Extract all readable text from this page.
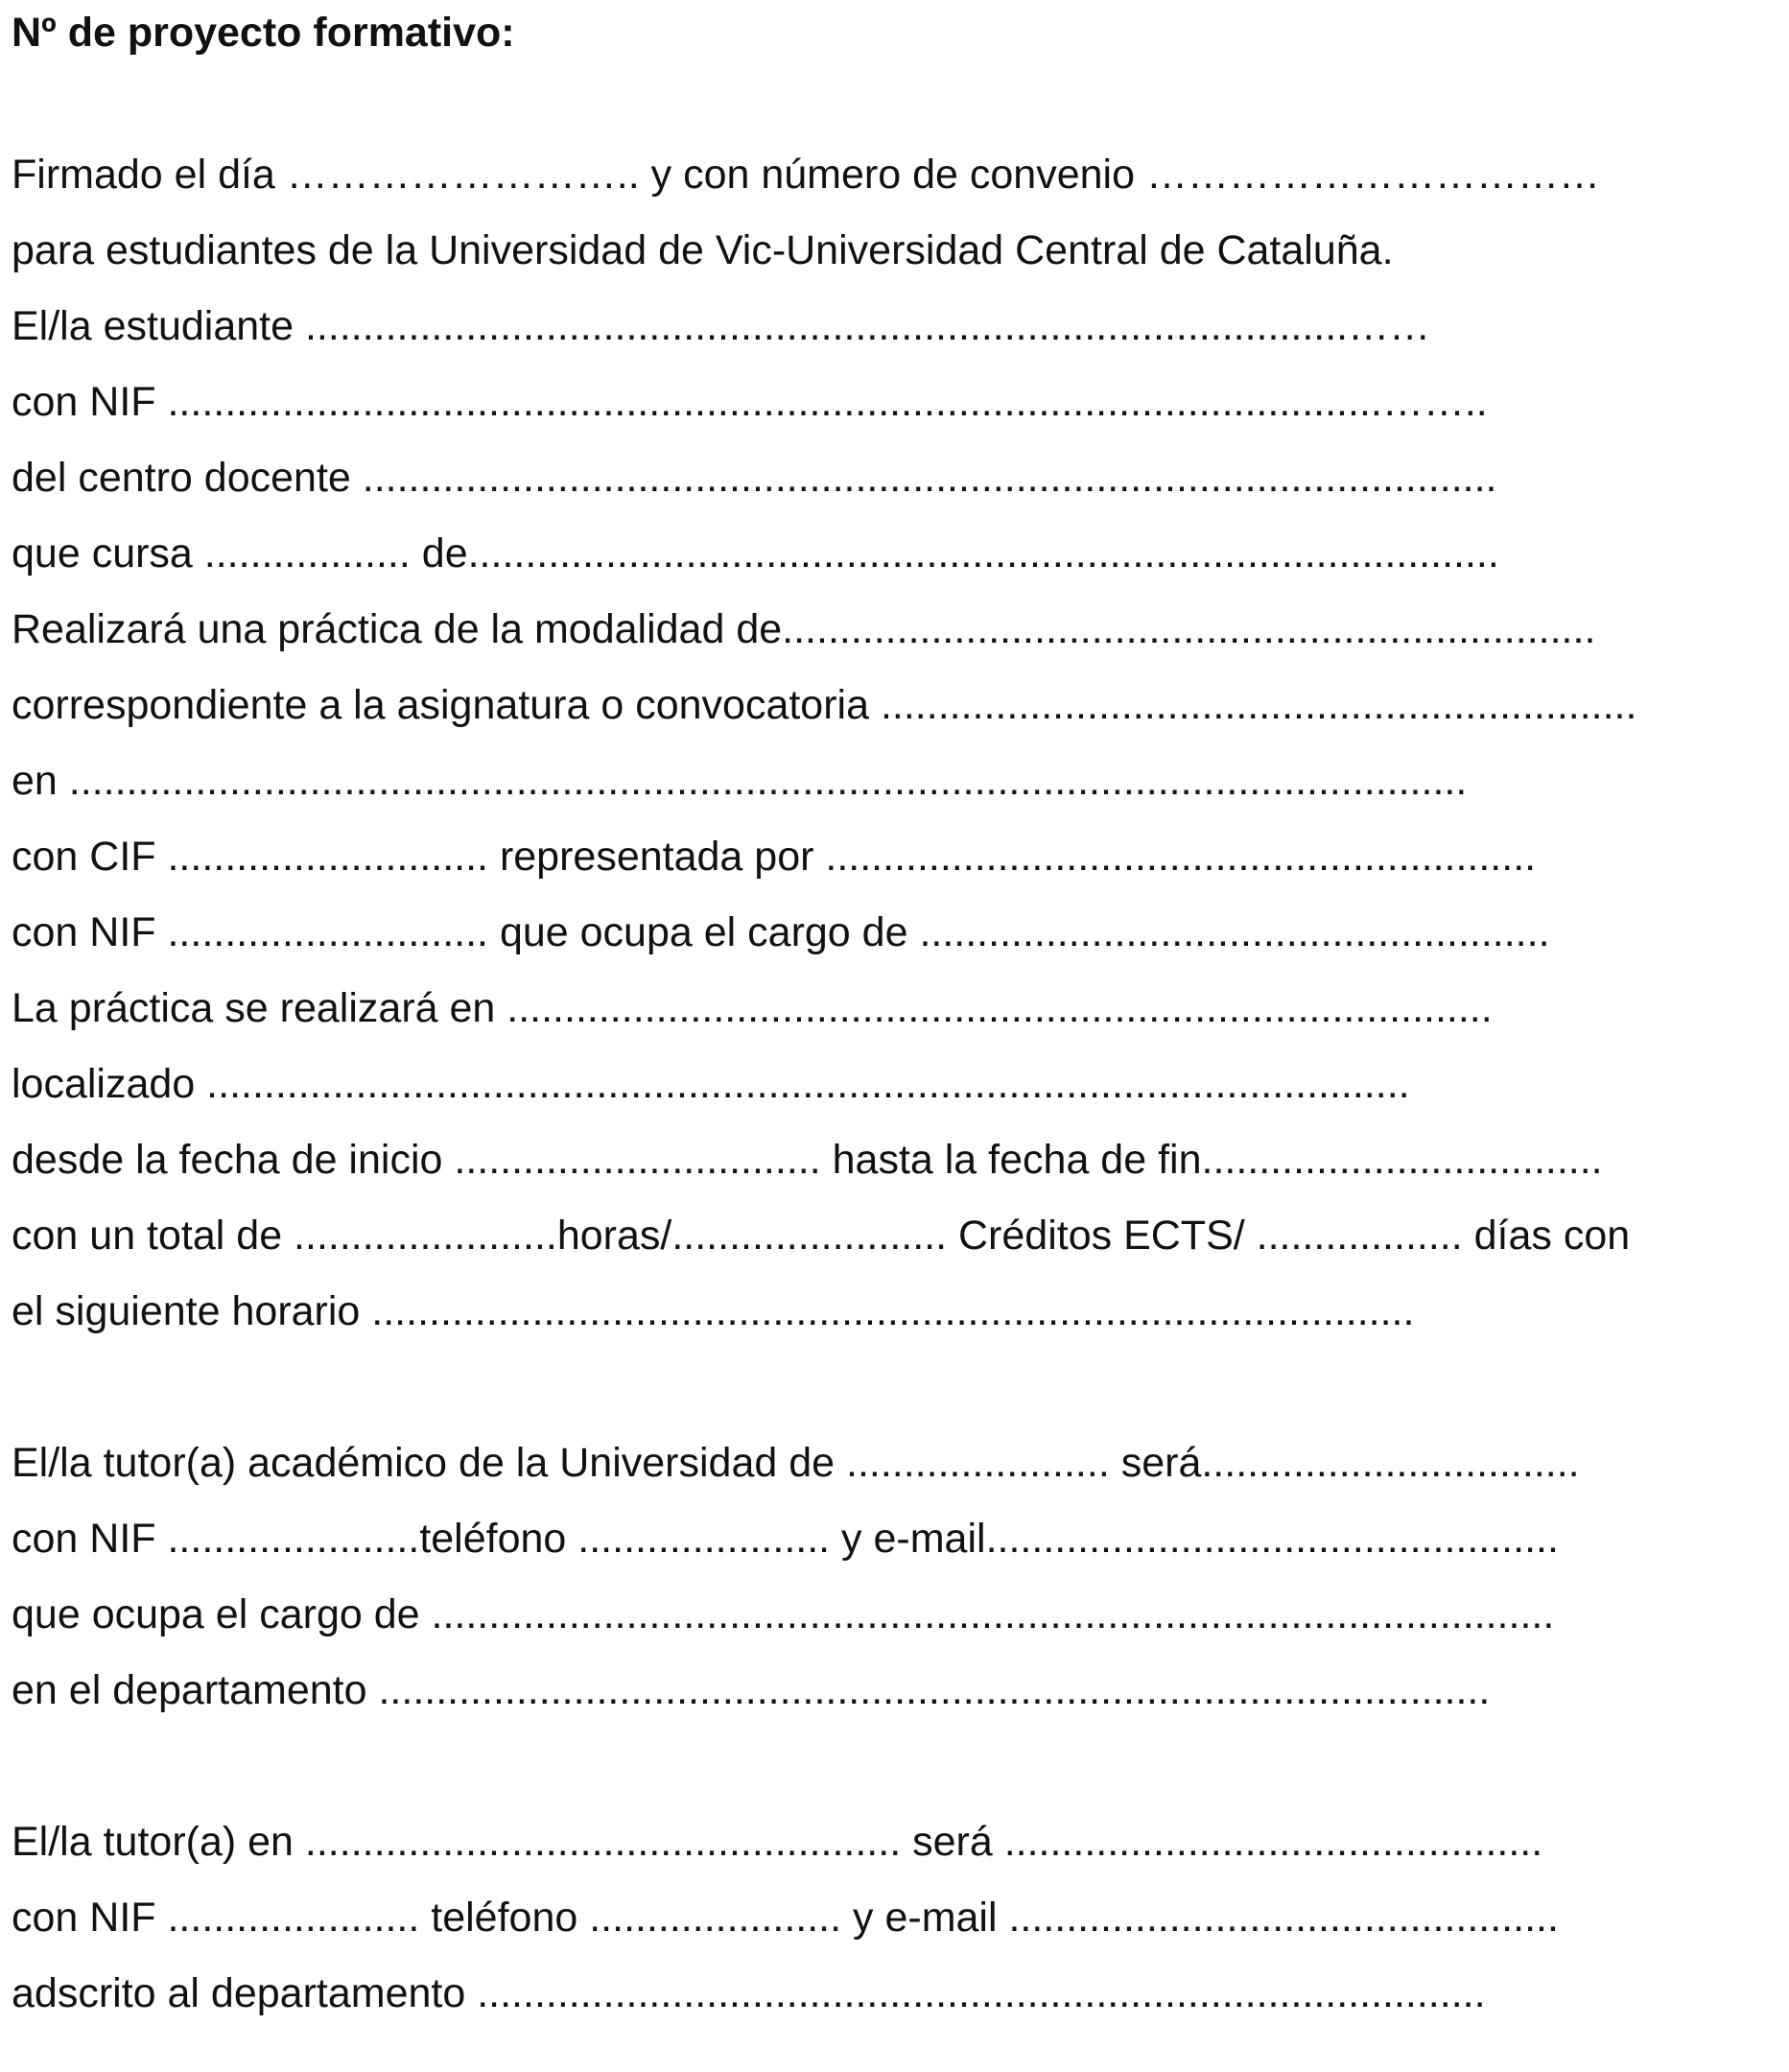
Nº de proyecto formativo:
Firmado el día …………………….. y con número de convenio ……………………………
para estudiantes de la Universidad de Vic-Universidad Central de Cataluña.
El/la estudiante ...........................................................................................……
con NIF ..........................................................................................................……..
del centro docente ...................................................................................................
que cursa .................. de..........................................................................................
Realizará una práctica de la modalidad de.......................................................................
correspondiente a la asignatura o convocatoria ..................................................................
en ..........................................................................................................................
con CIF ............................ representada por ..............................................................
con NIF ............................ que ocupa el cargo de .......................................................
La práctica se realizará en ......................................................................................
localizado .........................................................................................................
desde la fecha de inicio ................................ hasta la fecha de fin...................................
con un total de .......................horas/........................ Créditos ECTS/ .................. días con
el siguiente horario ...........................................................................................
El/la tutor(a) académico de la Universidad de ....................... será.................................
con NIF ......................teléfono ...................... y e-mail..................................................
que ocupa el cargo de ..................................................................................................
en el departamento .................................................................................................
El/la tutor(a) en .................................................... será ...............................................
con NIF ...................... teléfono ...................... y e-mail ................................................
adscrito al departamento ........................................................................................
